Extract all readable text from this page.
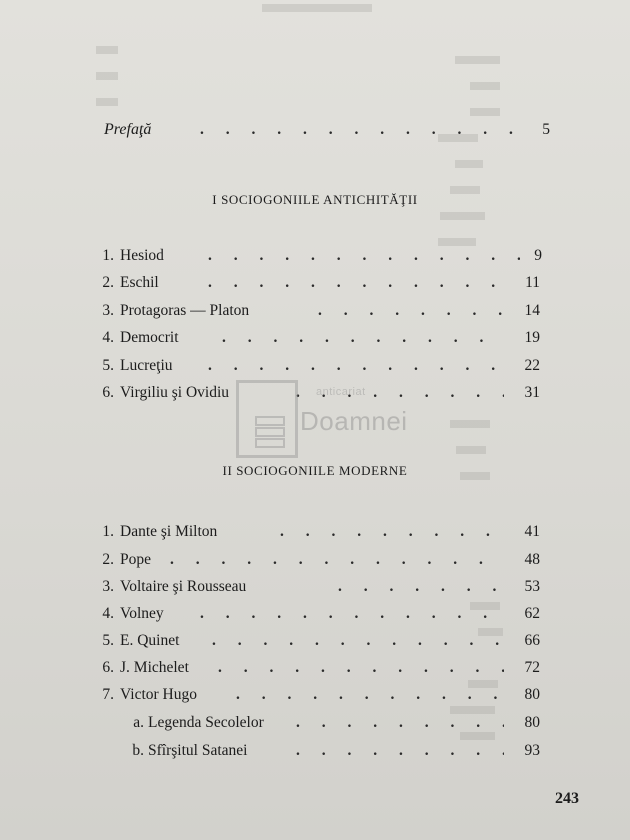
Prefaţă . . .	5
I SOCIOGONIILE ANTICHITĂŢII
1. Hesiod . . .	9
2. Eschil . . .	11
3. Protagoras — Platon . . .	14
4. Democrit . . .	19
5. Lucreţiu . . .	22
6. Virgiliu şi Ovidiu . . .	31
II SOCIOGONIILE MODERNE
1. Dante şi Milton . . .	41
2. Pope . . .	48
3. Voltaire şi Rousseau . . .	53
4. Volney . . .	62
5. E. Quinet . . .	66
6. J. Michelet . . .	72
7. Victor Hugo . . .	80
a. Legenda Secolelor . . .	80
b. Sfîrşitul Satanei . . .	93
anticariat
Doamnei
243
